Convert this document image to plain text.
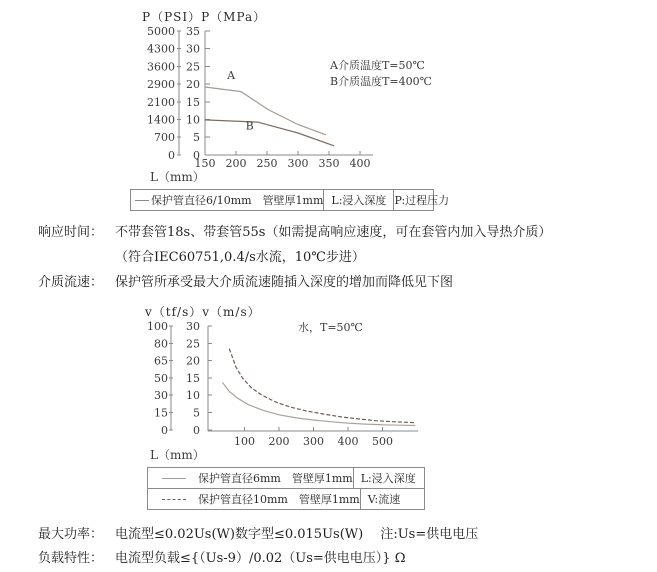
P（PSI）P（MPa）
5000
4300
3600
2900
2100
1400
700
0
35
30
25
20
15
10
5
0
150 200 250 300 350 400
L（mm）
A介质温度T=50℃
B介质温度T=400℃
A
B
保护管直径6/10mm　管壁厚1mm L:浸入深度 P:过程压力
响应时间： 不带套管18s、带套管55s（如需提高响应速度，可在套管内加入导热介质）
（符合IEC60751,0.4/s水流，10℃步进）
介质流速： 保护管所承受最大介质流速随插入深度的增加而降低见下图
v（tf/s）v（m/s）
100
80
65
50
30
15
0
30
25
20
15
10
5
0
100 200 300 400 500
L（mm）
水，T=50℃
保护管直径6mm　管壁厚1mm L:浸入深度
保护管直径10mm　管壁厚1mm V:流速
最大功率： 电流型≤0.02Us(W)数字型≤0.015Us(W)　 注:Us=供电电压
负载特性： 电流型负载≤{（Us-9）/0.02（Us=供电电压）} Ω
